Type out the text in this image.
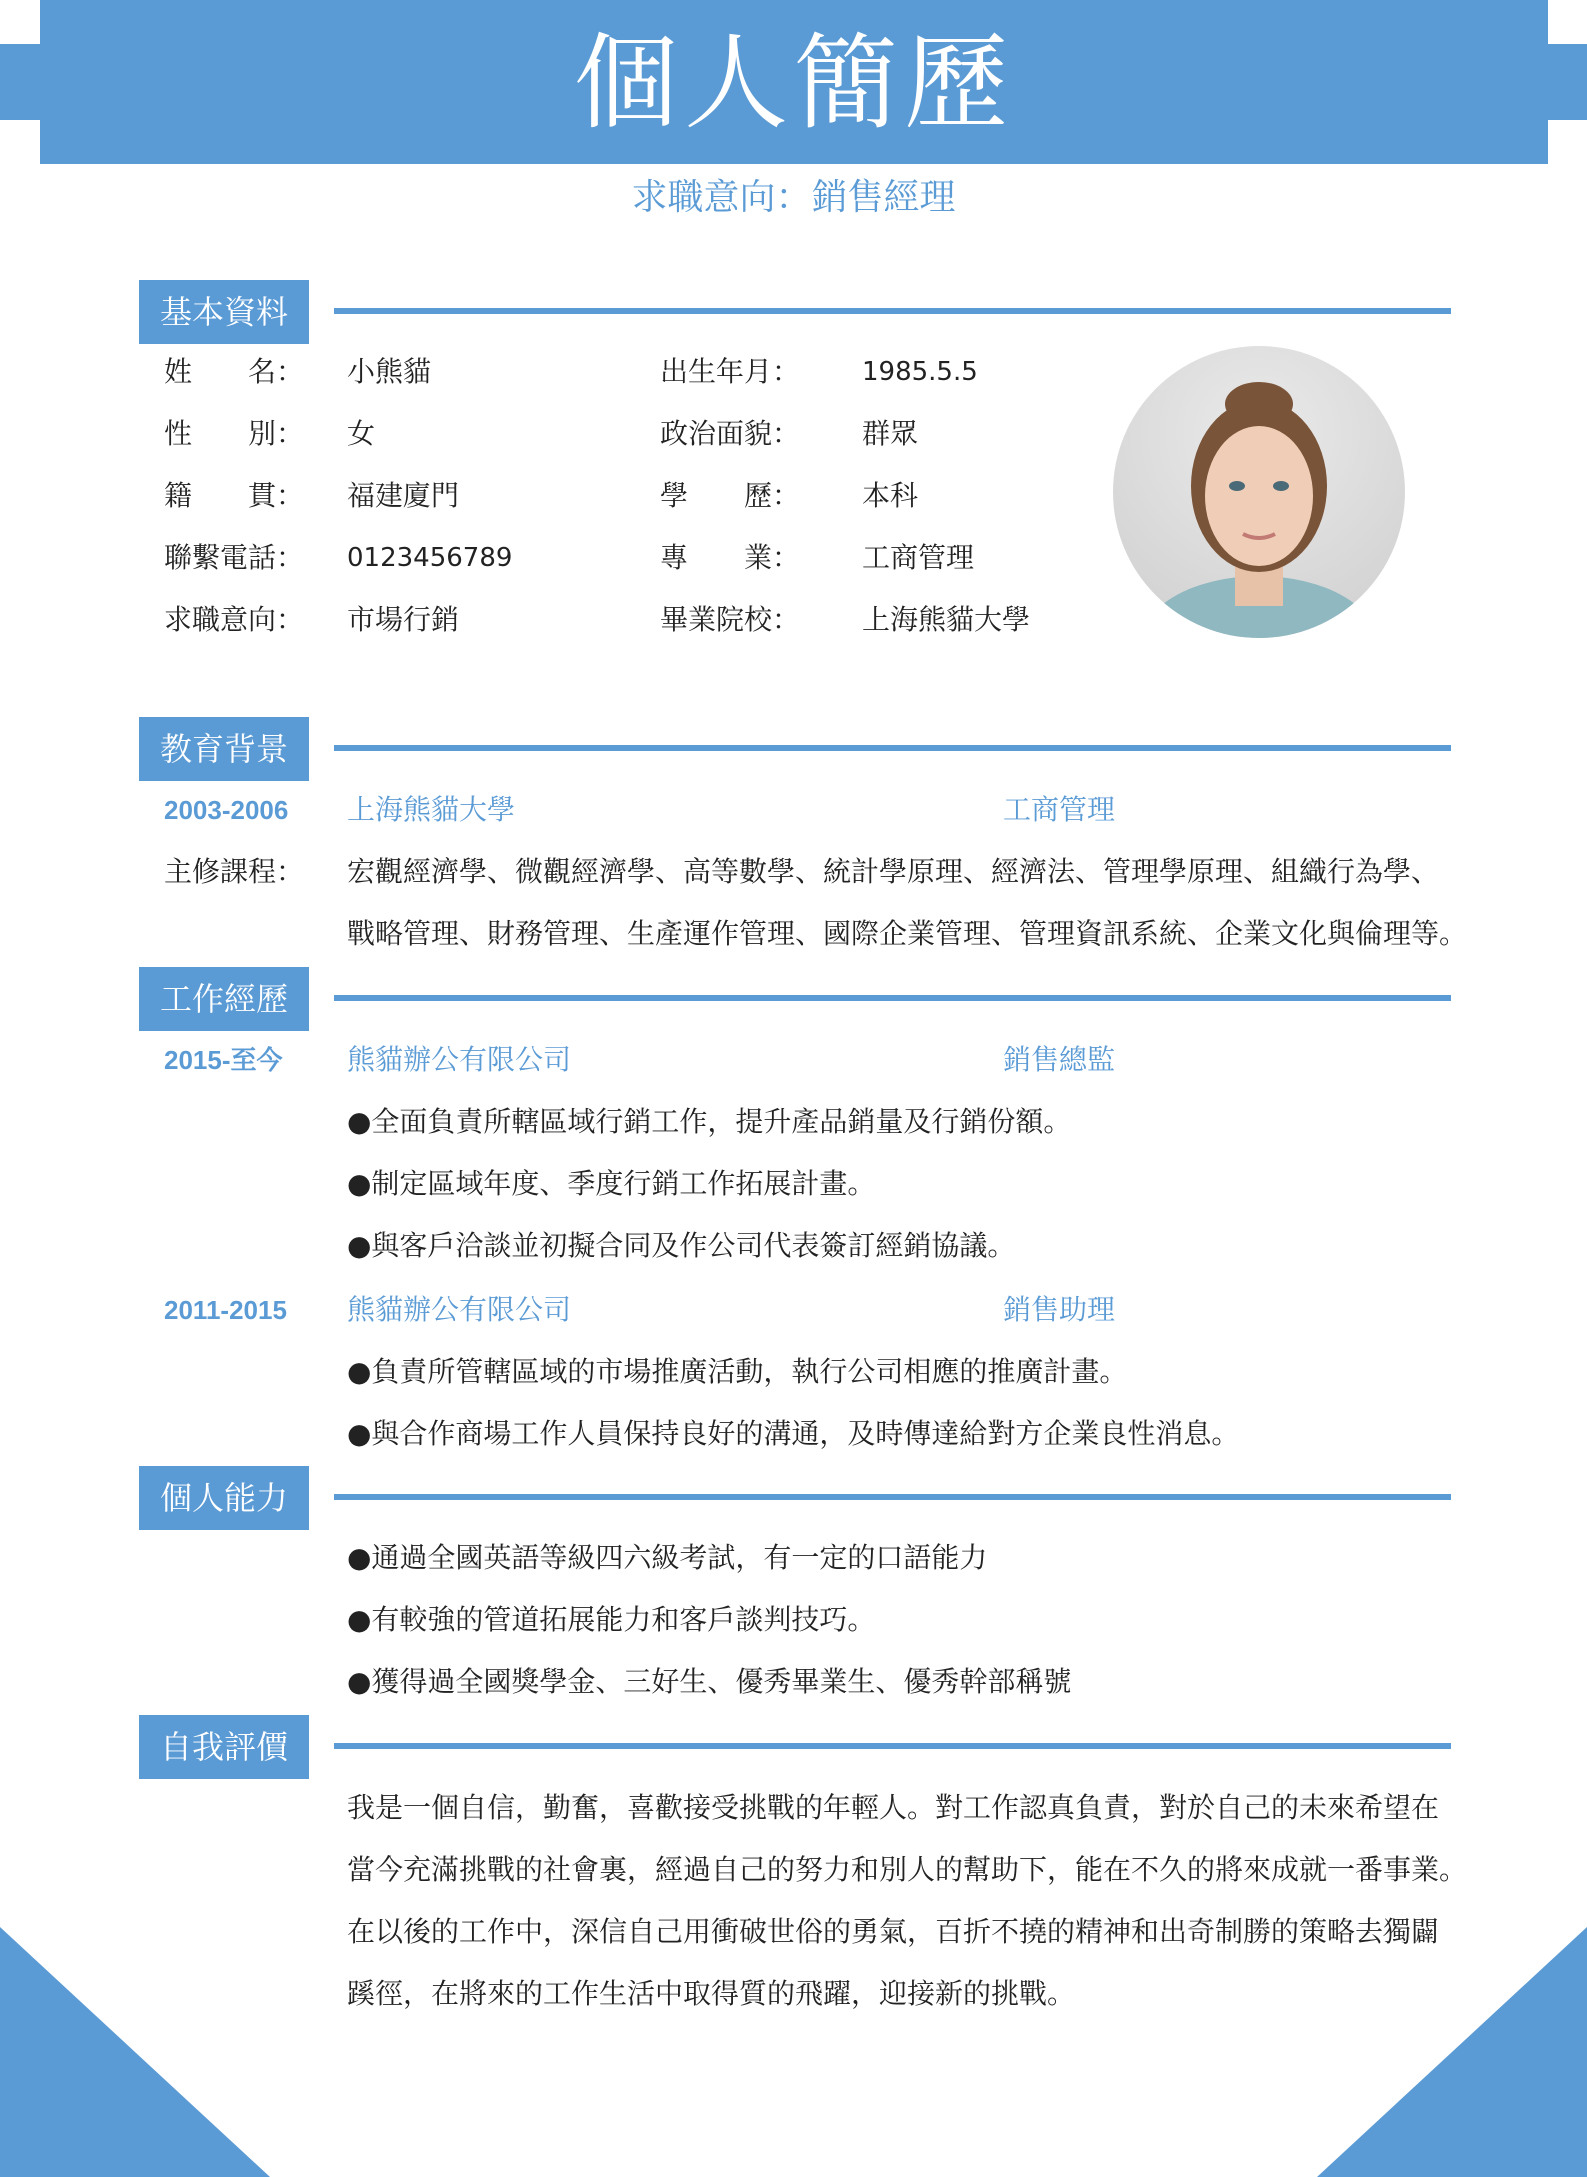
個人簡歷
求職意向：銷售經理
基本資料
姓　　名： 小熊貓	出生年月： 1985.5.5
性　　別： 女	政治面貌： 群眾
籍　　貫： 福建廈門	學　　歷： 本科
聯繫電話： 0123456789	專　　業： 工商管理
求職意向： 市場行銷	畢業院校： 上海熊貓大學
教育背景
2003-2006 上海熊貓大學	工商管理
主修課程： 宏觀經濟學、微觀經濟學、高等數學、統計學原理、經濟法、管理學原理、組織行為學、
戰略管理、財務管理、生產運作管理、國際企業管理、管理資訊系統、企業文化與倫理等。
工作經歷
2015-至今 熊貓辦公有限公司	銷售總監
●全面負責所轄區域行銷工作，提升產品銷量及行銷份額。
●制定區域年度、季度行銷工作拓展計畫。
●與客戶洽談並初擬合同及作公司代表簽訂經銷協議。
2011-2015 熊貓辦公有限公司	銷售助理
●負責所管轄區域的市場推廣活動，執行公司相應的推廣計畫。
●與合作商場工作人員保持良好的溝通，及時傳達給對方企業良性消息。
個人能力
●通過全國英語等級四六級考試，有一定的口語能力
●有較強的管道拓展能力和客戶談判技巧。
●獲得過全國獎學金、三好生、優秀畢業生、優秀幹部稱號
自我評價
我是一個自信，勤奮，喜歡接受挑戰的年輕人。對工作認真負責，對於自己的未來希望在
當今充滿挑戰的社會裏，經過自己的努力和別人的幫助下，能在不久的將來成就一番事業。
在以後的工作中，深信自己用衝破世俗的勇氣，百折不撓的精神和出奇制勝的策略去獨闢
蹊徑，在將來的工作生活中取得質的飛躍，迎接新的挑戰。
